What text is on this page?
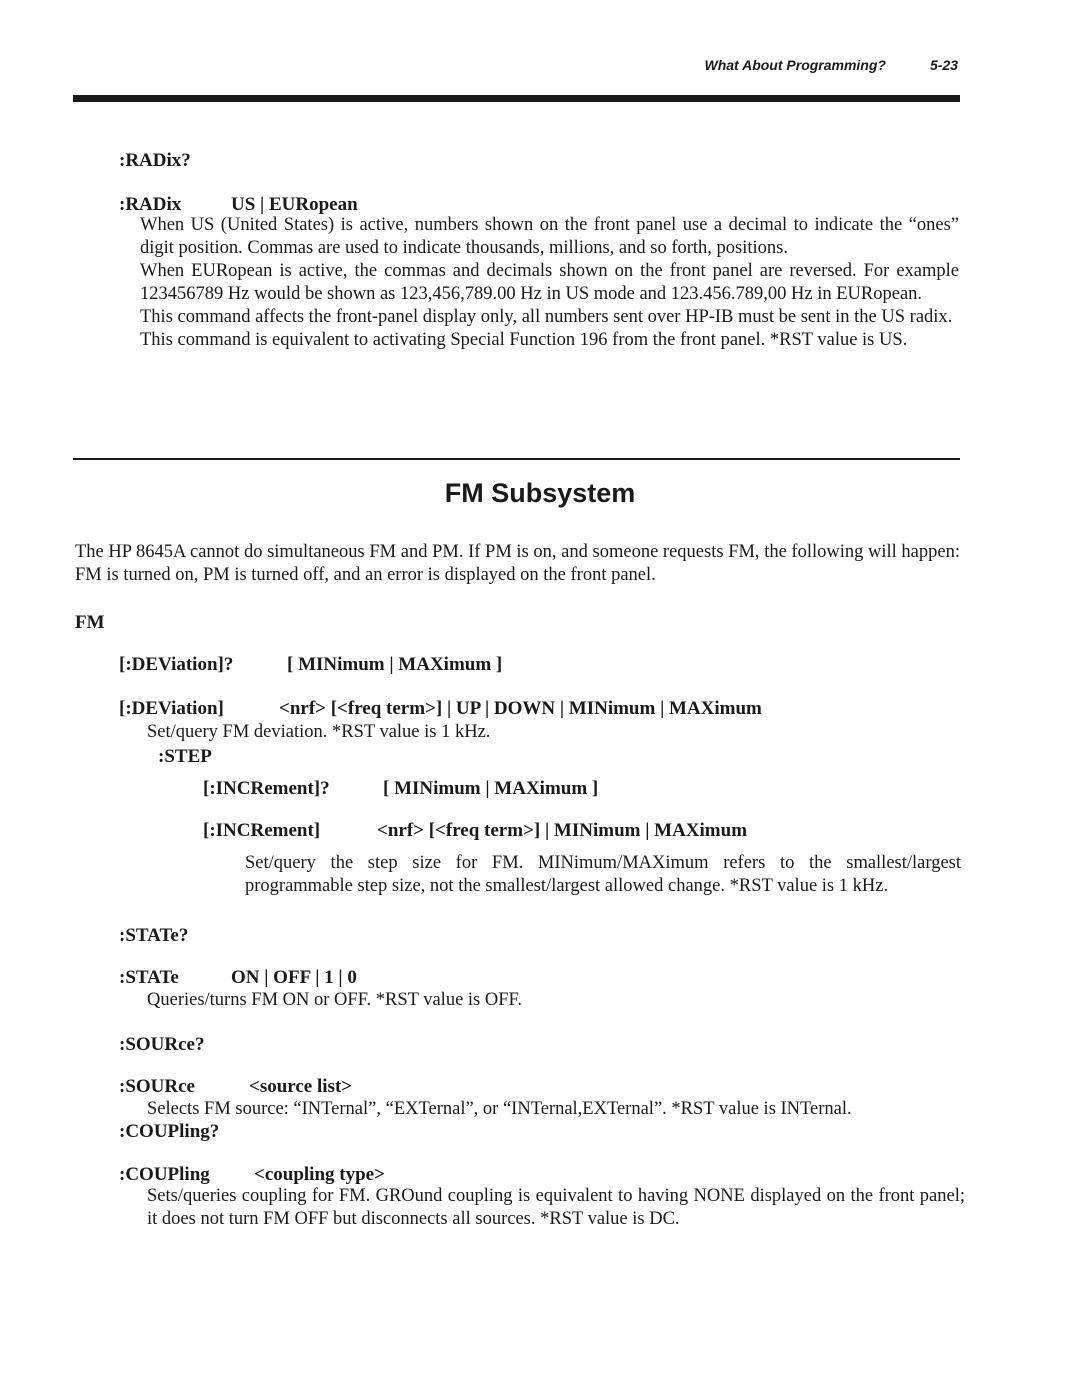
What About Programming?	5-23
:RADix?
:RADix	US | EURopean
When US (United States) is active, numbers shown on the front panel use a decimal to indicate the “ones” digit position. Commas are used to indicate thousands, millions, and so forth, positions.
When EURopean is active, the commas and decimals shown on the front panel are reversed. For example 123456789 Hz would be shown as 123,456,789.00 Hz in US mode and 123.456.789,00 Hz in EURopean.
This command affects the front-panel display only, all numbers sent over HP-IB must be sent in the US radix.
This command is equivalent to activating Special Function 196 from the front panel. *RST value is US.
FM Subsystem
The HP 8645A cannot do simultaneous FM and PM. If PM is on, and someone requests FM, the following will happen: FM is turned on, PM is turned off, and an error is displayed on the front panel.
FM
[:DEViation]?	[ MINimum | MAXimum ]
[:DEViation]	<nrf> [<freq term>] | UP | DOWN | MINimum | MAXimum
Set/query FM deviation. *RST value is 1 kHz.
:STEP
[:INCRement]?	[ MINimum | MAXimum ]
[:INCRement]	<nrf> [<freq term>] | MINimum | MAXimum
Set/query the step size for FM. MINimum/MAXimum refers to the smallest/largest programmable step size, not the smallest/largest allowed change. *RST value is 1 kHz.
:STATe?
:STATe	ON | OFF | 1 | 0
Queries/turns FM ON or OFF. *RST value is OFF.
:SOURce?
:SOURce	<source list>
Selects FM source: “INTernal”, “EXTernal”, or “INTernal,EXTernal”. *RST value is INTernal.
:COUPling?
:COUPling	<coupling type>
Sets/queries coupling for FM. GROund coupling is equivalent to having NONE displayed on the front panel; it does not turn FM OFF but disconnects all sources. *RST value is DC.
